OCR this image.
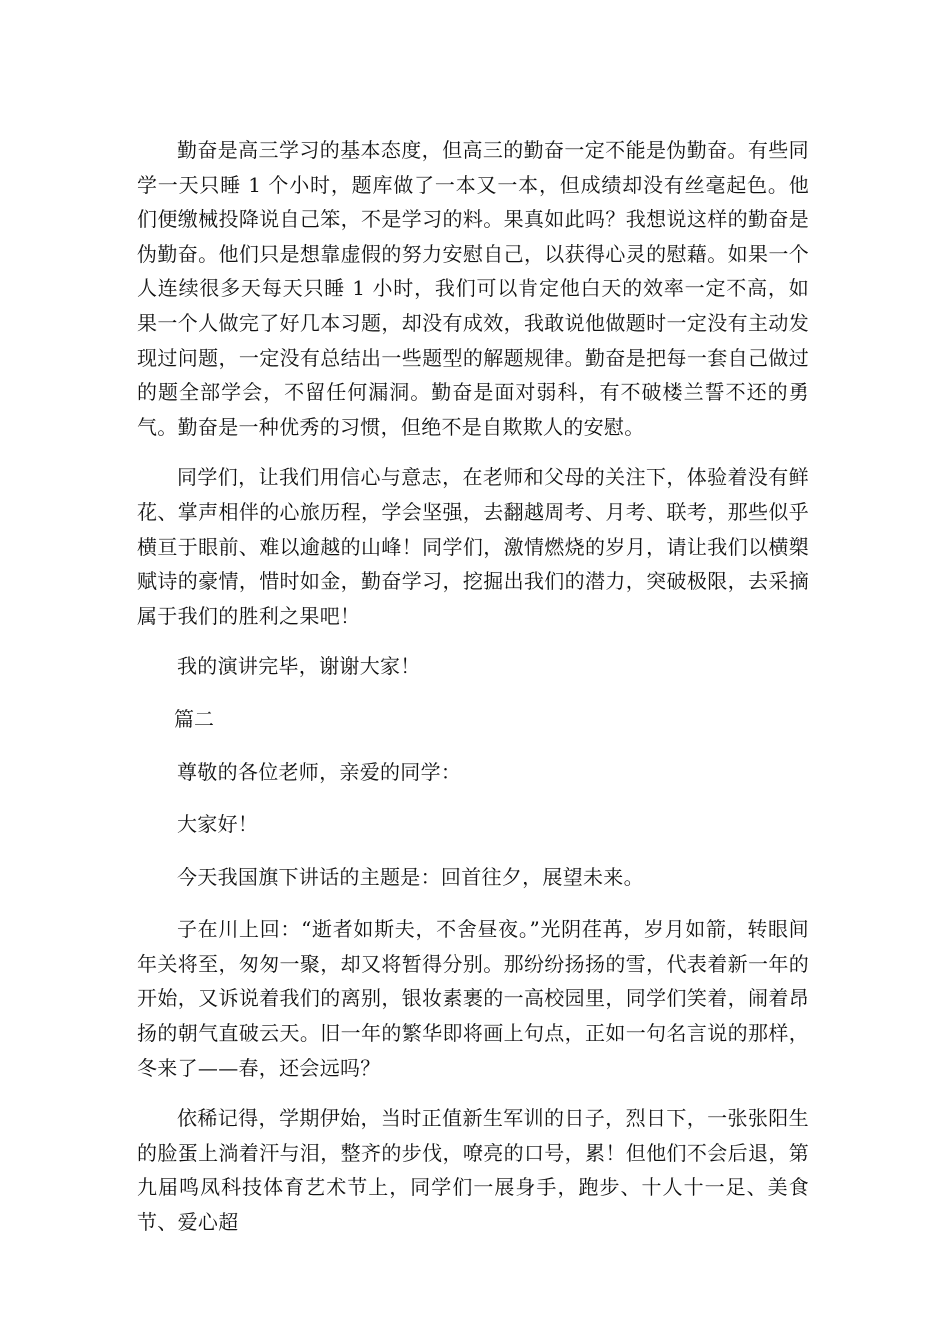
勤奋是高三学习的基本态度，但高三的勤奋一定不能是伪勤奋。有些同学一天只睡 1 个小时，题库做了一本又一本，但成绩却没有丝毫起色。他们便缴械投降说自己笨，不是学习的料。果真如此吗？我想说这样的勤奋是伪勤奋。他们只是想靠虚假的努力安慰自己，以获得心灵的慰藉。如果一个人连续很多天每天只睡 1 小时，我们可以肯定他白天的效率一定不高，如果一个人做完了好几本习题，却没有成效，我敢说他做题时一定没有主动发现过问题，一定没有总结出一些题型的解题规律。勤奋是把每一套自己做过的题全部学会，不留任何漏洞。勤奋是面对弱科，有不破楼兰誓不还的勇气。勤奋是一种优秀的习惯，但绝不是自欺欺人的安慰。

同学们，让我们用信心与意志，在老师和父母的关注下，体验着没有鲜花、掌声相伴的心旅历程，学会坚强，去翻越周考、月考、联考，那些似乎横亘于眼前、难以逾越的山峰！同学们，激情燃烧的岁月，请让我们以横槊赋诗的豪情，惜时如金，勤奋学习，挖掘出我们的潜力，突破极限，去采摘属于我们的胜利之果吧！

我的演讲完毕，谢谢大家！

篇二

尊敬的各位老师，亲爱的同学：

大家好！

今天我国旗下讲话的主题是：回首往夕，展望未来。

子在川上回：“逝者如斯夫，不舍昼夜。”光阴荏苒，岁月如箭，转眼间年关将至，匆匆一聚，却又将暂得分别。那纷纷扬扬的雪，代表着新一年的开始，又诉说着我们的离别，银妆素裹的一高校园里，同学们笑着，闹着昂扬的朝气直破云天。旧一年的繁华即将画上句点，正如一句名言说的那样，冬来了——春，还会远吗？

依稀记得，学期伊始，当时正值新生军训的日子，烈日下，一张张阳生的脸蛋上淌着汗与泪，整齐的步伐，嘹亮的口号，累！但他们不会后退，第九届鸣凤科技体育艺术节上，同学们一展身手，跑步、十人十一足、美食节、爱心超
